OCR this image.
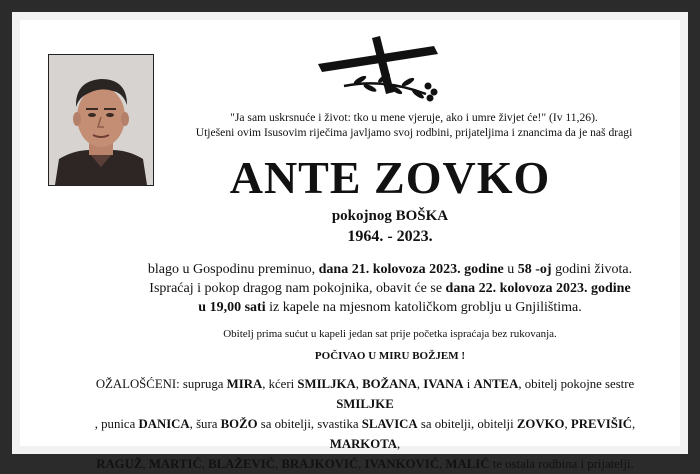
"Ja sam uskrsnuće i život: tko u mene vjeruje, ako i umre živjet će!" (Iv 11,26).
Utješeni ovim Isusovim riječima javljamo svoj rodbini, prijateljima i znancima da je naš dragi
ANTE ZOVKO
pokojnog BOŠKA
1964. - 2023.
blago u Gospodinu preminuo, dana 21. kolovoza 2023. godine u 58 -oj godini života.
Ispraćaj i pokop dragog nam pokojnika, obavit će se dana 22. kolovoza 2023. godine
u 19,00 sati iz kapele na mjesnom katoličkom groblju u Gnjilištima.
Obitelj prima sućut u kapeli jedan sat prije početka ispraćaja bez rukovanja.
POČIVAO U MIRU BOŽJEM !
OŽALOŠĆENI: supruga MIRA, kćeri SMILJKA, BOŽANA, IVANA i ANTEA, obitelj pokojne sestre SMILJKE
, punica DANICA, šura BOŽO sa obitelji, svastika SLAVICA sa obitelji, obitelji ZOVKO, PREVIŠIĆ, MARKOTA,
RAGUŽ, MARTIĆ, BLAŽEVIĆ, BRAJKOVIĆ, IVANKOVIĆ, MALIĆ te ostala rodbina i prijatelji.
